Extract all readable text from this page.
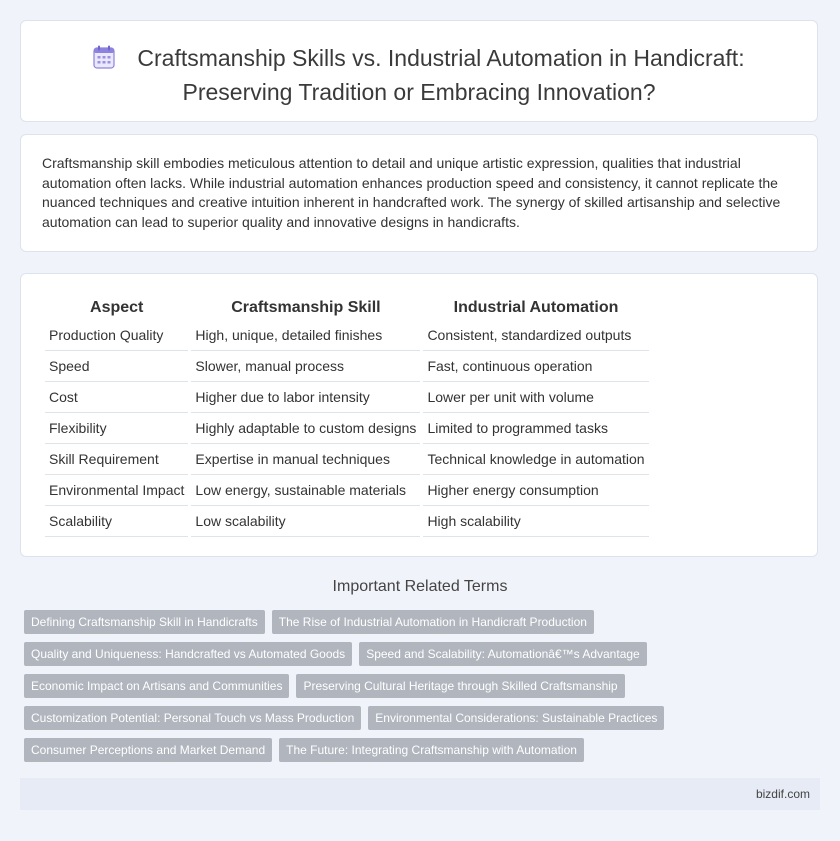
Craftsmanship Skills vs. Industrial Automation in Handicraft:
Preserving Tradition or Embracing Innovation?
Craftsmanship skill embodies meticulous attention to detail and unique artistic expression, qualities that industrial automation often lacks. While industrial automation enhances production speed and consistency, it cannot replicate the nuanced techniques and creative intuition inherent in handcrafted work. The synergy of skilled artisanship and selective automation can lead to superior quality and innovative designs in handicrafts.
Aspect	Craftsmanship Skill	Industrial Automation
Production Quality	High, unique, detailed finishes	Consistent, standardized outputs
Speed	Slower, manual process	Fast, continuous operation
Cost	Higher due to labor intensity	Lower per unit with volume
Flexibility	Highly adaptable to custom designs	Limited to programmed tasks
Skill Requirement	Expertise in manual techniques	Technical knowledge in automation
Environmental Impact	Low energy, sustainable materials	Higher energy consumption
Scalability	Low scalability	High scalability
Important Related Terms
Defining Craftsmanship Skill in Handicrafts	The Rise of Industrial Automation in Handicraft Production
Quality and Uniqueness: Handcrafted vs Automated Goods	Speed and Scalability: Automationâ€™s Advantage
Economic Impact on Artisans and Communities	Preserving Cultural Heritage through Skilled Craftsmanship
Customization Potential: Personal Touch vs Mass Production	Environmental Considerations: Sustainable Practices
Consumer Perceptions and Market Demand	The Future: Integrating Craftsmanship with Automation
bizdif.com
